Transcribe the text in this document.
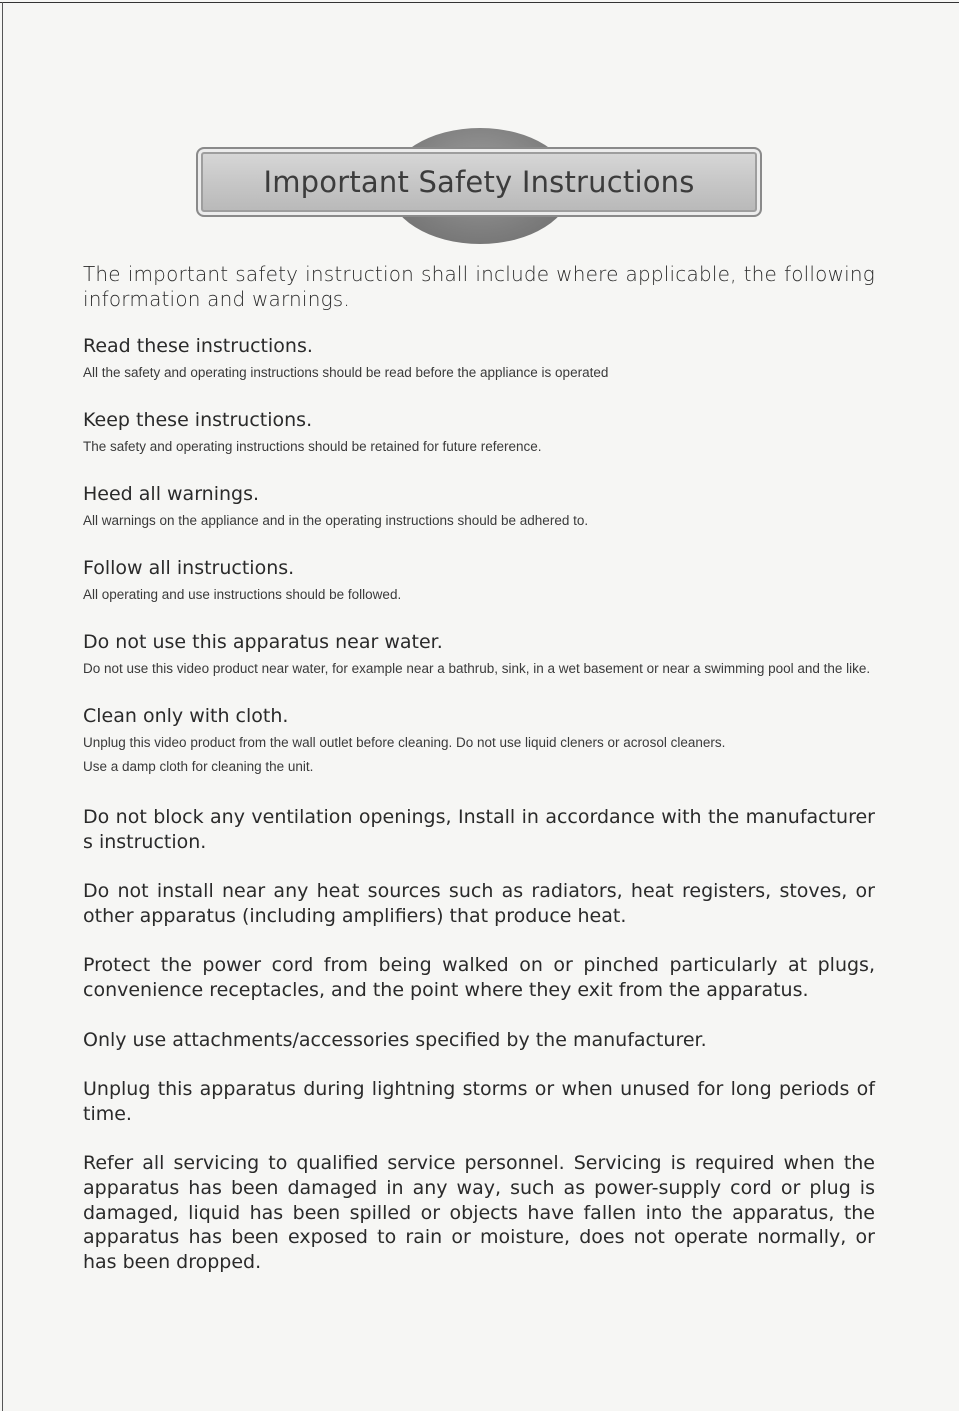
Important Safety Instructions

The important safety instruction shall include where applicable, the following information and warnings.

Read these instructions.

All the safety and operating instructions should be read before the appliance is operated

Keep these instructions.

The safety and operating instructions should be retained for future reference.

Heed all warnings.

All warnings on the appliance and in the operating instructions should be adhered to.

Follow all instructions.

All operating and use instructions should be followed.

Do not use this apparatus near water.

Do not use this video product near water, for example near a bathrub, sink, in a wet basement or near a swimming pool and the like.

Clean only with cloth.

Unplug this video product from the wall outlet before cleaning. Do not use liquid cleners or acrosol cleaners.

Use a damp cloth for cleaning the unit.

Do not block any ventilation openings, Install in accordance with the manufacturer s instruction.

Do not install near any heat sources such as radiators, heat registers, stoves, or other apparatus (including amplifiers) that produce heat.

Protect the power cord from being walked on or pinched particularly at plugs, convenience receptacles, and the point where they exit from the apparatus.

Only use attachments/accessories specified by the manufacturer.

Unplug this apparatus during lightning storms or when unused for long periods of time.

Refer all servicing to qualified service personnel. Servicing is required when the apparatus has been damaged in any way, such as power-supply cord or plug is damaged, liquid has been spilled or objects have fallen into the apparatus, the apparatus has been exposed to rain or moisture, does not operate normally, or has been dropped.
